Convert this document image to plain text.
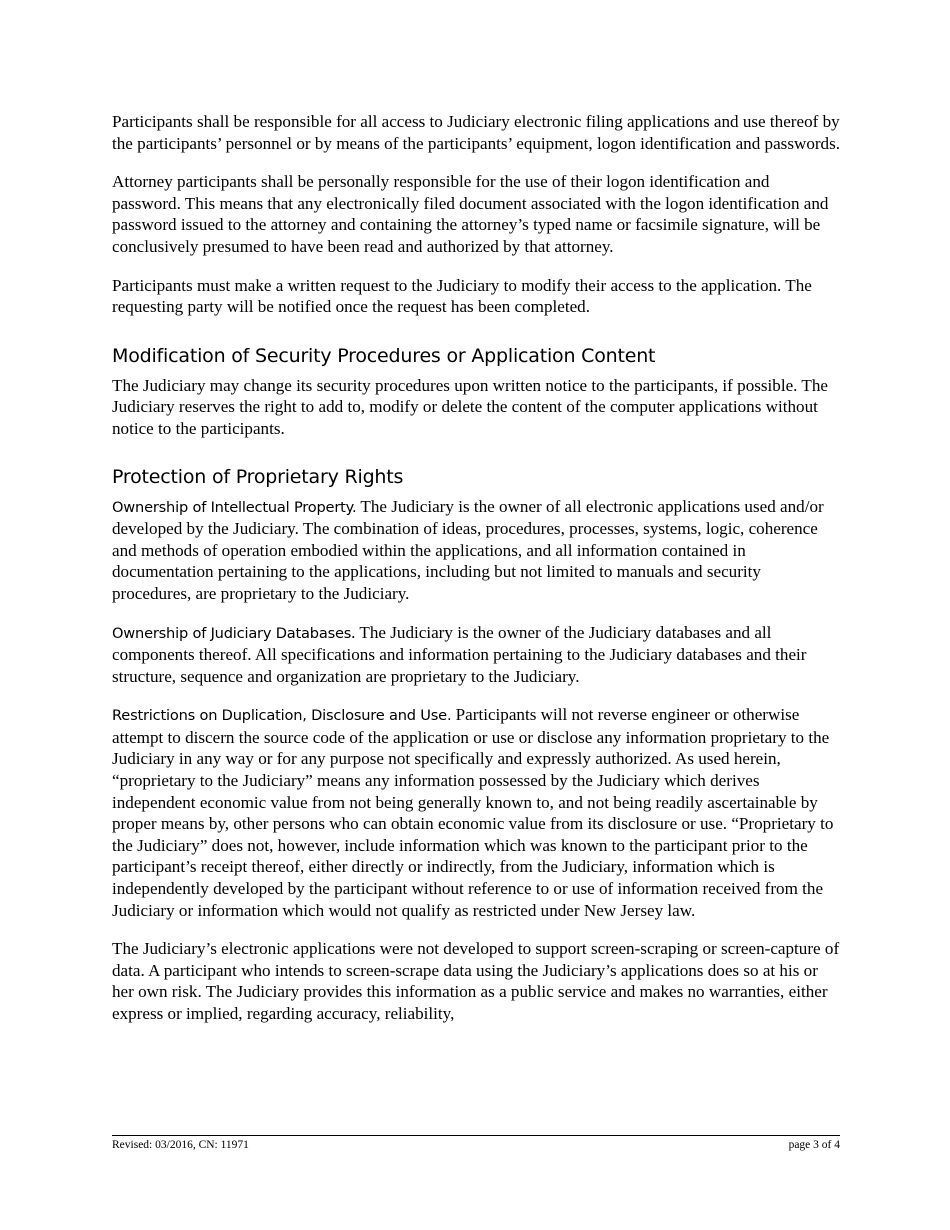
Participants shall be responsible for all access to Judiciary electronic filing applications and use thereof by the participants’ personnel or by means of the participants’ equipment, logon identification and passwords.

Attorney participants shall be personally responsible for the use of their logon identification and password. This means that any electronically filed document associated with the logon identification and password issued to the attorney and containing the attorney’s typed name or facsimile signature, will be conclusively presumed to have been read and authorized by that attorney.

Participants must make a written request to the Judiciary to modify their access to the application. The requesting party will be notified once the request has been completed.

Modification of Security Procedures or Application Content

The Judiciary may change its security procedures upon written notice to the participants, if possible. The Judiciary reserves the right to add to, modify or delete the content of the computer applications without notice to the participants.

Protection of Proprietary Rights

Ownership of Intellectual Property. The Judiciary is the owner of all electronic applications used and/or developed by the Judiciary. The combination of ideas, procedures, processes, systems, logic, coherence and methods of operation embodied within the applications, and all information contained in documentation pertaining to the applications, including but not limited to manuals and security procedures, are proprietary to the Judiciary.

Ownership of Judiciary Databases. The Judiciary is the owner of the Judiciary databases and all components thereof. All specifications and information pertaining to the Judiciary databases and their structure, sequence and organization are proprietary to the Judiciary.

Restrictions on Duplication, Disclosure and Use. Participants will not reverse engineer or otherwise attempt to discern the source code of the application or use or disclose any information proprietary to the Judiciary in any way or for any purpose not specifically and expressly authorized. As used herein, “proprietary to the Judiciary” means any information possessed by the Judiciary which derives independent economic value from not being generally known to, and not being readily ascertainable by proper means by, other persons who can obtain economic value from its disclosure or use. “Proprietary to the Judiciary” does not, however, include information which was known to the participant prior to the participant’s receipt thereof, either directly or indirectly, from the Judiciary, information which is independently developed by the participant without reference to or use of information received from the Judiciary or information which would not qualify as restricted under New Jersey law.

The Judiciary’s electronic applications were not developed to support screen-scraping or screen-capture of data. A participant who intends to screen-scrape data using the Judiciary’s applications does so at his or her own risk. The Judiciary provides this information as a public service and makes no warranties, either express or implied, regarding accuracy, reliability,

Revised: 03/2016, CN: 11971	page 3 of 4
